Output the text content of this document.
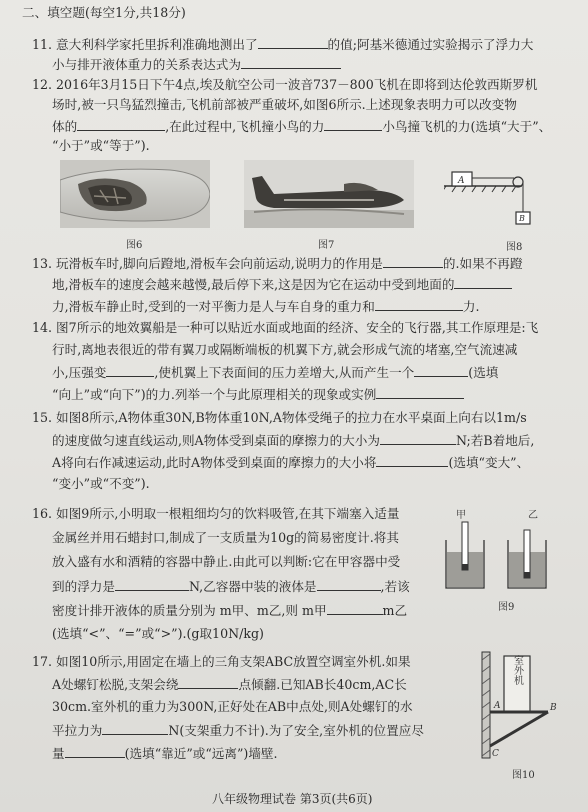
二、填空题(每空1分,共18分)
11. 意大利科学家托里拆利准确地测出了	的值;阿基米德通过实验揭示了浮力大
小与排开液体重力的关系表达式为
12. 2016年3月15日下午4点,埃及航空公司一波音737－800飞机在即将到达伦敦西斯罗机
场时,被一只鸟猛烈撞击,飞机前部被严重破坏,如图6所示.上述现象表明力可以改变物
体的	,在此过程中,飞机撞小鸟的力	小鸟撞飞机的力(选填“大于”、
“小于”或“等于”).
图6	图7
A
B
图8
13. 玩滑板车时,脚向后蹬地,滑板车会向前运动,说明力的作用是	的.如果不再蹬
地,滑板车的速度会越来越慢,最后停下来,这是因为它在运动中受到地面的
力,滑板车静止时,受到的一对平衡力是人与车自身的重力和	力.
14. 图7所示的地效翼船是一种可以贴近水面或地面的经济、安全的飞行器,其工作原理是:飞
行时,离地表很近的带有翼刀或隔断端板的机翼下方,就会形成气流的堵塞,空气流速减
小,压强变	,使机翼上下表面间的压力差增大,从而产生一个	(选填
“向上”或“向下”)的力.列举一个与此原理相关的现象或实例
15. 如图8所示,A物体重30N,B物体重10N,A物体受绳子的拉力在水平桌面上向右以1m/s
的速度做匀速直线运动,则A物体受到桌面的摩擦力的大小为	N;若B着地后,
A将向右作减速运动,此时A物体受到桌面的摩擦力的大小将	(选填“变大”、
“变小”或“不变”).
16. 如图9所示,小明取一根粗细均匀的饮料吸管,在其下端塞入适量
金属丝并用石蜡封口,制成了一支质量为10g的简易密度计.将其
放入盛有水和酒精的容器中静止.由此可以判断:它在甲容器中受
到的浮力是	N,乙容器中装的液体是	,若该
密度计排开液体的质量分别为 m甲、m乙,则 m甲	m乙
(选填“<”、“=”或“>”).(g取10N/kg)
甲	乙
图9
17. 如图10所示,用固定在墙上的三角支架ABC放置空调室外机.如果
A处螺钉松脱,支架会绕	点倾翻.已知AB长40cm,AC长
30cm.室外机的重力为300N,正好处在AB中点处,则A处螺钉的水
平拉力为	N(支架重力不计).为了安全,室外机的位置应尽
量	(选填“靠近”或“远离”)墙壁.
室外机
A	B
C
图10
八年级物理试卷 第3页(共6页)
